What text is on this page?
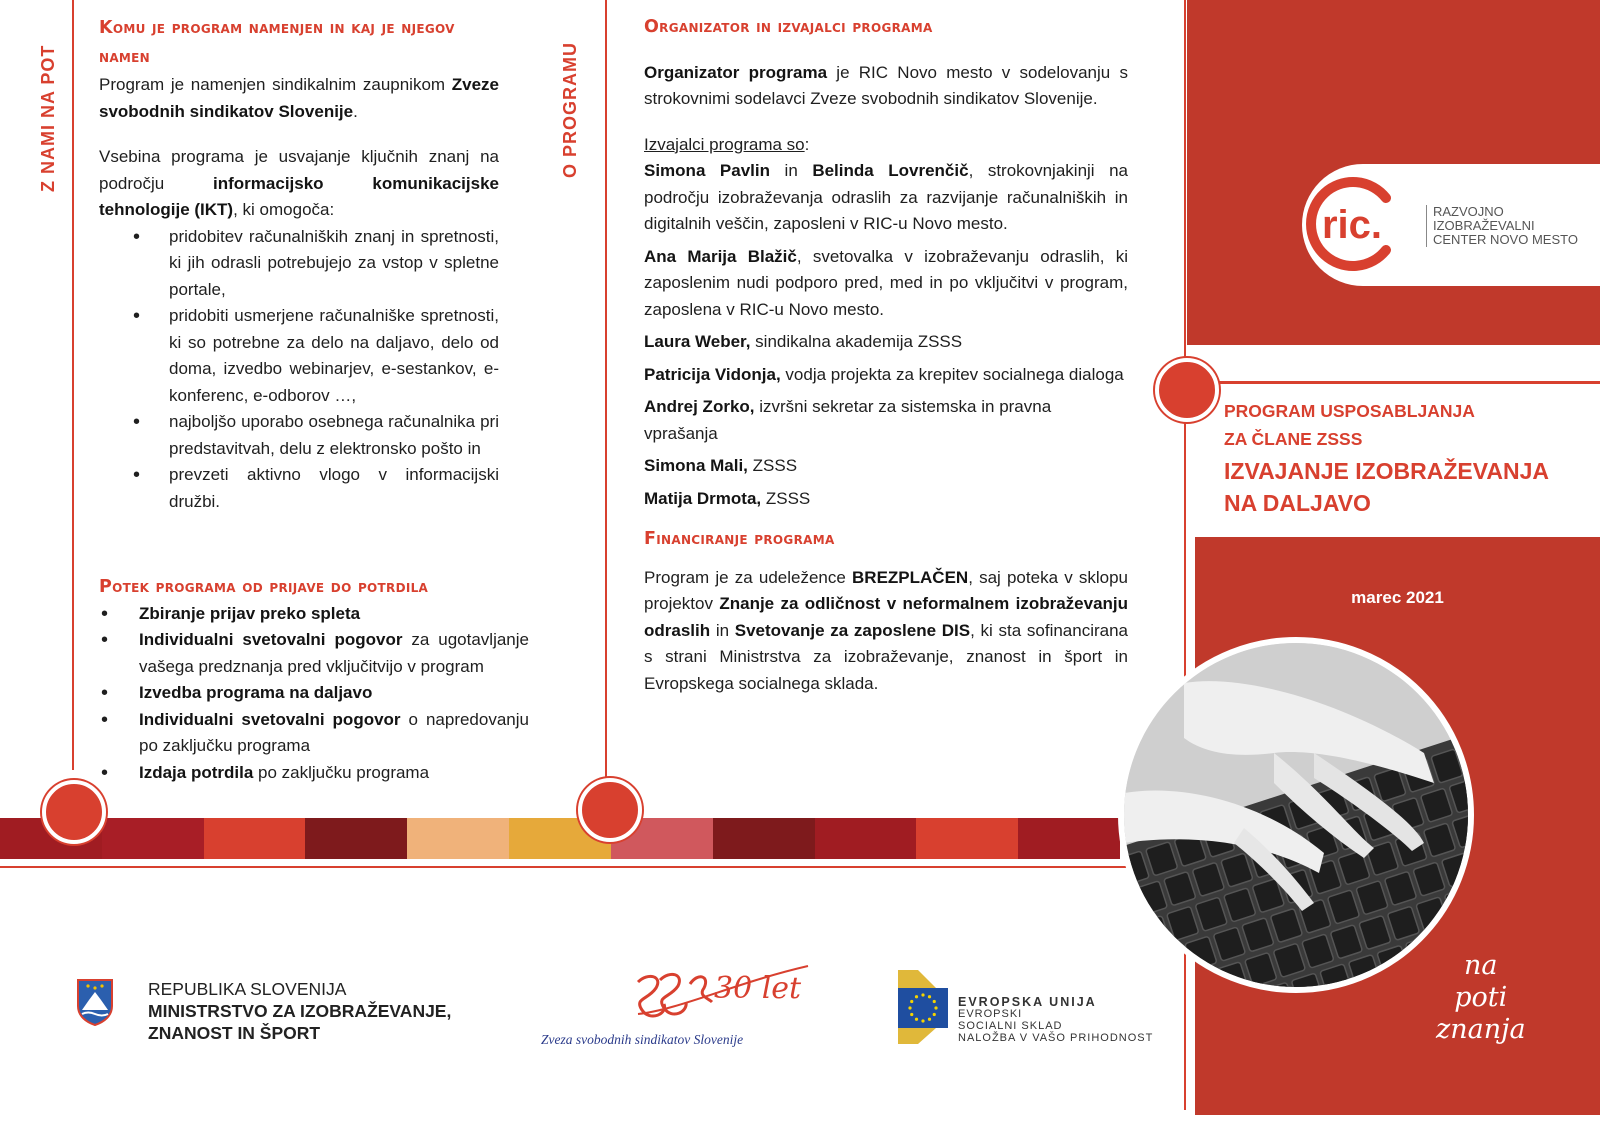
Z NAMI NA POT	O PROGRAMU
Komu je program namenjen in kaj je njegov namen

Program je namenjen sindikalnim zaupnikom Zveze svobodnih sindikatov Slovenije.

Vsebina programa je usvajanje ključnih znanj na področju informacijsko komunikacijske tehnologije (IKT), ki omogoča:

• pridobitev računalniških znanj in spretnosti, ki jih odrasli potrebujejo za vstop v spletne portale,
• pridobiti usmerjene računalniške spretnosti, ki so potrebne za delo na daljavo, delo od doma, izvedbo webinarjev, e-sestankov, e-konferenc, e-odborov …,
• najboljšo uporabo osebnega računalnika pri predstavitvah, delu z elektronsko pošto in
• prevzeti aktivno vlogo v informacijski družbi.
Potek programa od prijave do potrdila
• Zbiranje prijav preko spleta
• Individualni svetovalni pogovor za ugotavljanje vašega predznanja pred vključitvijo v program
• Izvedba programa na daljavo
• Individualni svetovalni pogovor o napredovanju po zaključku programa
• Izdaja potrdila po zaključku programa
Organizator in izvajalci programa

Organizator programa je RIC Novo mesto v sodelovanju s strokovnimi sodelavci Zveze svobodnih sindikatov Slovenije.

Izvajalci programa so:

Simona Pavlin in Belinda Lovrenčič, strokovnjakinji na področju izobraževanja odraslih za razvijanje računalniških in digitalnih veščin, zaposleni v RIC-u Novo mesto.

Ana Marija Blažič, svetovalka v izobraževanju odraslih, ki zaposlenim nudi podporo pred, med in po vključitvi v program, zaposlena v RIC-u Novo mesto.

Laura Weber, sindikalna akademija ZSSS

Patricija Vidonja, vodja projekta za krepitev socialnega dialoga

Andrej Zorko, izvršni sekretar za sistemska in pravna vprašanja

Simona Mali, ZSSS

Matija Drmota, ZSSS

Financiranje programa

Program je za udeležence BREZPLAČEN, saj poteka v sklopu projektov Znanje za odličnost v neformalnem izobraževanju odraslih in Svetovanje za zaposlene DIS, ki sta sofinancirana s strani Ministrstva za izobraževanje, znanost in šport in Evropskega socialnega sklada.

ric.	RAZVOJNO
IZOBRAŽEVALNI
CENTER NOVO MESTO
PROGRAM USPOSABLJANJA
ZA ČLANE ZSSS
IZVAJANJE IZOBRAŽEVANJA
NA DALJAVO
marec 2021
na
poti
znanja
REPUBLIKA SLOVENIJA
MINISTRSTVO ZA IZOBRAŽEVANJE,
ZNANOST IN ŠPORT
30 let
Zveza svobodnih sindikatov Slovenije
EVROPSKA UNIJA
EVROPSKI
SOCIALNI SKLAD
NALOŽBA V VAŠO PRIHODNOST
